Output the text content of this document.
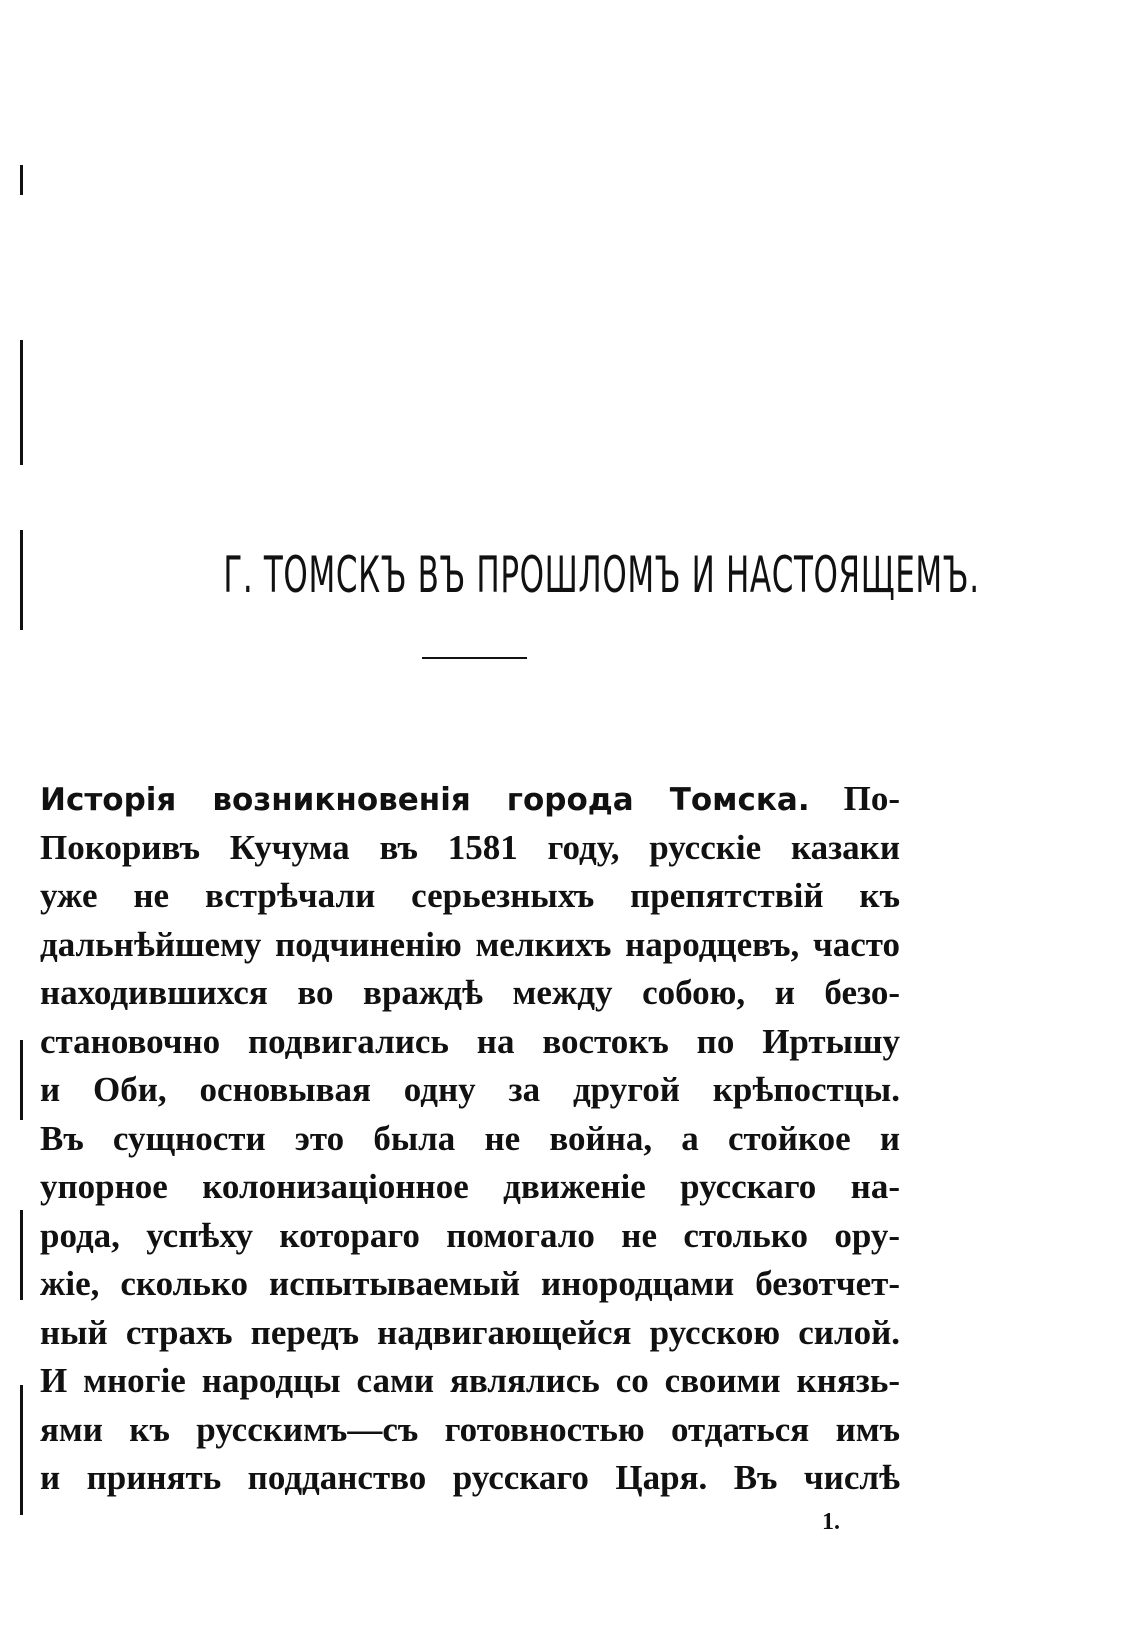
Г. ТОМСКЪ ВЪ ПРОШЛОМЪ И НАСТОЯЩЕМЪ.
Исторія возникновенія города Томска. По-
Покоривъ Кучума въ 1581 году, русскіе казаки
уже не встрѣчали серьезныхъ препятствій къ
дальнѣйшему подчиненію мелкихъ народцевъ, часто
находившихся во враждѣ между собою, и безо-
становочно подвигались на востокъ по Иртышу
и Оби, основывая одну за другой крѣпостцы.
Въ сущности это была не война, а стойкое и
упорное колонизаціонное движеніе русскаго на-
рода, успѣху котораго помогало не столько ору-
жіе, сколько испытываемый инородцами безотчет-
ный страхъ передъ надвигающейся русскою силой.
И многіе народцы сами являлись со своими князь-
ями къ русскимъ—съ готовностью отдаться имъ
и принять подданство русскаго Царя. Въ числѣ
1.
